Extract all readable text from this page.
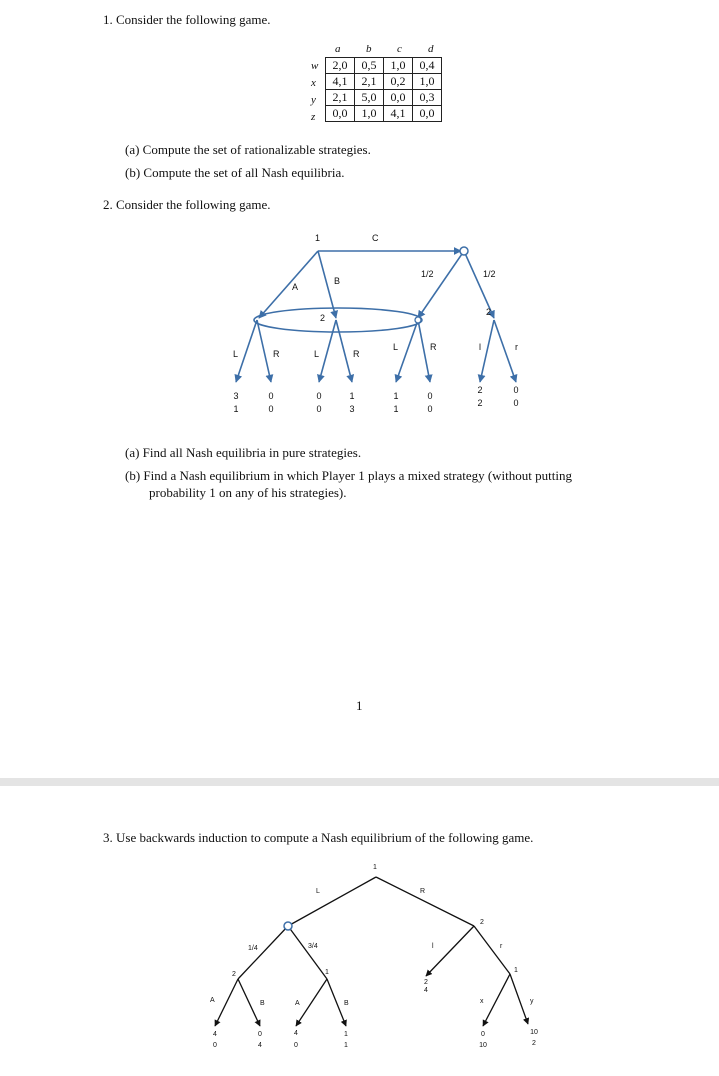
1. Consider the following game.
a b c d
w
x
y
z
2,0	0,5	1,0	0,4
4,1	2,1	0,2	1,0
2,1	5,0	0,0	0,3
0,0	1,0	4,1	0,0
(a) Compute the set of rationalizable strategies.
(b) Compute the set of all Nash equilibria.
2. Consider the following game.
1	C
A
B
1/2	1/2
2
2
L	R	L	R
L	R	l	r
3	0	0	1	1	0
2	0
1	0	0	3	1	0
2	0
(a) Find all Nash equilibria in pure strategies.
(b) Find a Nash equilibrium in which Player 1 plays a mixed strategy (without putting
probability 1 on any of his strategies).
1
3. Use backwards induction to compute a Nash equilibrium of the following game.
1
L	R
1/4	3/4
2	1
2
1
A	B	A	B
l	r
x	y
4	0	4	1
2
0	10
0	4	0	1
4
10	2
